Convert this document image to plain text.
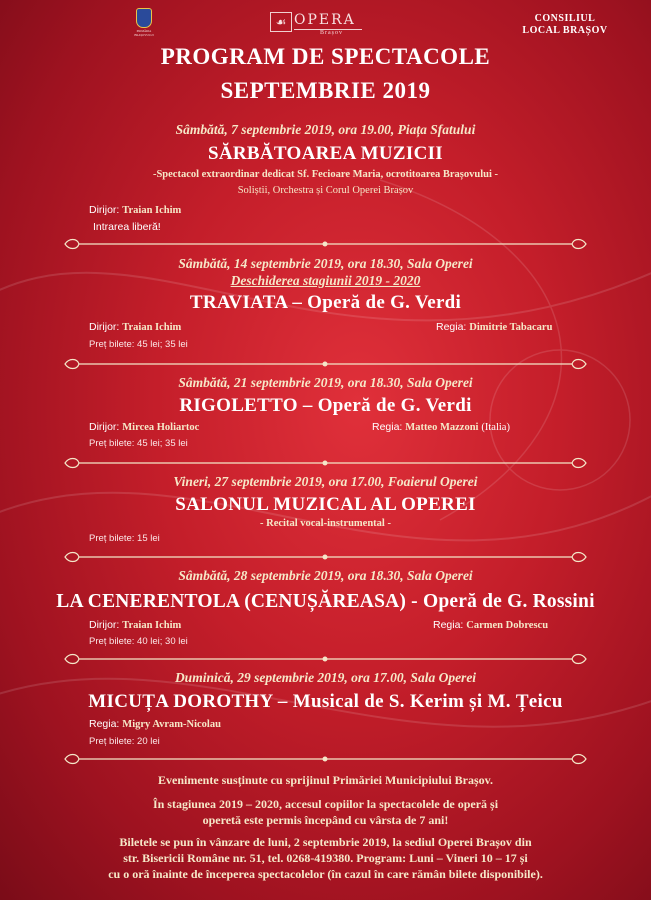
PRIMĂRIA BRAȘOVULUI
☙ OPERA
Brașov
CONSILIUL
LOCAL BRAȘOV
PROGRAM DE SPECTACOLE
SEPTEMBRIE 2019
Sâmbătă, 7 septembrie 2019, ora 19.00, Piața Sfatului
SĂRBĂTOAREA MUZICII
-Spectacol extraordinar dedicat Sf. Fecioare Maria, ocrotitoarea Brașovului -
Soliștii, Orchestra și Corul Operei Brașov
Dirijor: Traian Ichim
Intrarea liberă!
Sâmbătă, 14 septembrie 2019, ora 18.30, Sala Operei
Deschiderea stagiunii 2019 - 2020
TRAVIATA – Operă de G. Verdi
Dirijor: Traian Ichim	Regia: Dimitrie Tabacaru
Preț bilete: 45 lei; 35 lei
Sâmbătă, 21 septembrie 2019, ora 18.30, Sala Operei
RIGOLETTO – Operă de G. Verdi
Dirijor: Mircea Holiartoc	Regia: Matteo Mazzoni (Italia)
Preț bilete: 45 lei; 35 lei
Vineri, 27 septembrie 2019, ora 17.00, Foaierul Operei
SALONUL MUZICAL AL OPEREI
- Recital vocal-instrumental -
Preț bilete: 15 lei
Sâmbătă, 28 septembrie 2019, ora 18.30, Sala Operei
LA CENERENTOLA (CENUȘĂREASA) - Operă de G. Rossini
Dirijor: Traian Ichim	Regia: Carmen Dobrescu
Preț bilete: 40 lei; 30 lei
Duminică, 29 septembrie 2019, ora 17.00, Sala Operei
MICUȚA DOROTHY – Musical de S. Kerim și M. Țeicu
Regia: Migry Avram-Nicolau
Preț bilete: 20 lei
Evenimente susținute cu sprijinul Primăriei Municipiului Brașov.
În stagiunea 2019 – 2020, accesul copiilor la spectacolele de operă și
operetă este permis începând cu vârsta de 7 ani!
Biletele se pun în vânzare de luni, 2 septembrie 2019, la sediul Operei Brașov din
str. Bisericii Române nr. 51, tel. 0268-419380. Program: Luni – Vineri 10 – 17 și
cu o oră înainte de începerea spectacolelor (în cazul în care rămân bilete disponibile).
